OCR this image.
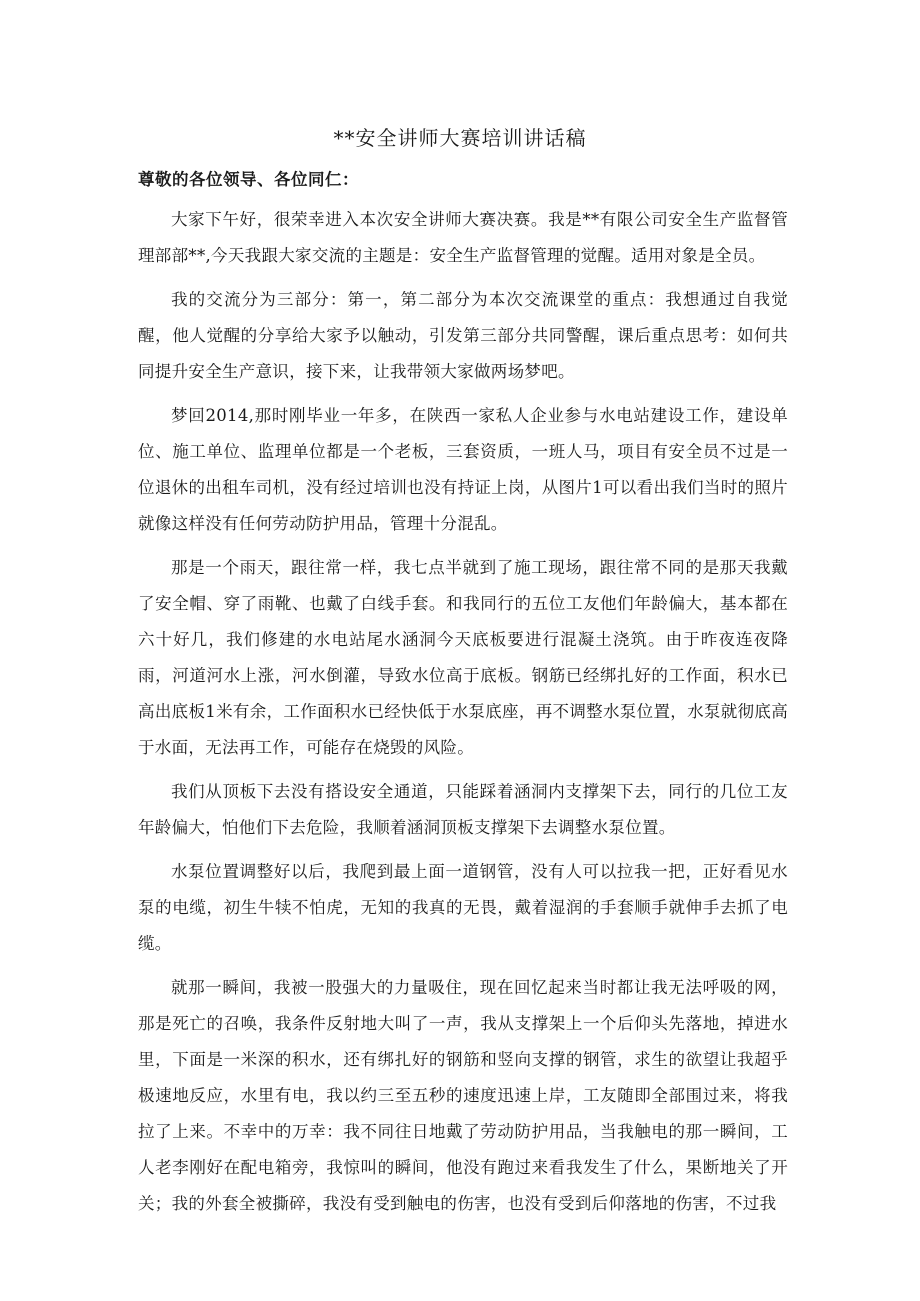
**安全讲师大赛培训讲话稿

尊敬的各位领导、各位同仁：

大家下午好，很荣幸进入本次安全讲师大赛决赛。我是**有限公司安全生产监督管理部部**,今天我跟大家交流的主题是：安全生产监督管理的觉醒。适用对象是全员。

我的交流分为三部分：第一，第二部分为本次交流课堂的重点：我想通过自我觉醒，他人觉醒的分享给大家予以触动，引发第三部分共同警醒，课后重点思考：如何共同提升安全生产意识，接下来，让我带领大家做两场梦吧。

梦回2014,那时刚毕业一年多，在陕西一家私人企业参与水电站建设工作，建设单位、施工单位、监理单位都是一个老板，三套资质，一班人马，项目有安全员不过是一位退休的出租车司机，没有经过培训也没有持证上岗，从图片1可以看出我们当时的照片就像这样没有任何劳动防护用品，管理十分混乱。

那是一个雨天，跟往常一样，我七点半就到了施工现场，跟往常不同的是那天我戴了安全帽、穿了雨靴、也戴了白线手套。和我同行的五位工友他们年龄偏大，基本都在六十好几，我们修建的水电站尾水涵洞今天底板要进行混凝土浇筑。由于昨夜连夜降雨，河道河水上涨，河水倒灌，导致水位高于底板。钢筋已经绑扎好的工作面，积水已高出底板1米有余，工作面积水已经快低于水泵底座，再不调整水泵位置，水泵就彻底高于水面，无法再工作，可能存在烧毁的风险。

我们从顶板下去没有搭设安全通道，只能踩着涵洞内支撑架下去，同行的几位工友年龄偏大，怕他们下去危险，我顺着涵洞顶板支撑架下去调整水泵位置。

水泵位置调整好以后，我爬到最上面一道钢管，没有人可以拉我一把，正好看见水泵的电缆，初生牛犊不怕虎，无知的我真的无畏，戴着湿润的手套顺手就伸手去抓了电缆。

就那一瞬间，我被一股强大的力量吸住，现在回忆起来当时都让我无法呼吸的网，那是死亡的召唤，我条件反射地大叫了一声，我从支撑架上一个后仰头先落地，掉进水里，下面是一米深的积水，还有绑扎好的钢筋和竖向支撑的钢管，求生的欲望让我超乎极速地反应，水里有电，我以约三至五秒的速度迅速上岸，工友随即全部围过来，将我拉了上来。不幸中的万幸：我不同往日地戴了劳动防护用品，当我触电的那一瞬间，工人老李刚好在配电箱旁，我惊叫的瞬间，他没有跑过来看我发生了什么，果断地关了开关；我的外套全被撕碎，我没有受到触电的伤害，也没有受到后仰落地的伤害，不过我
